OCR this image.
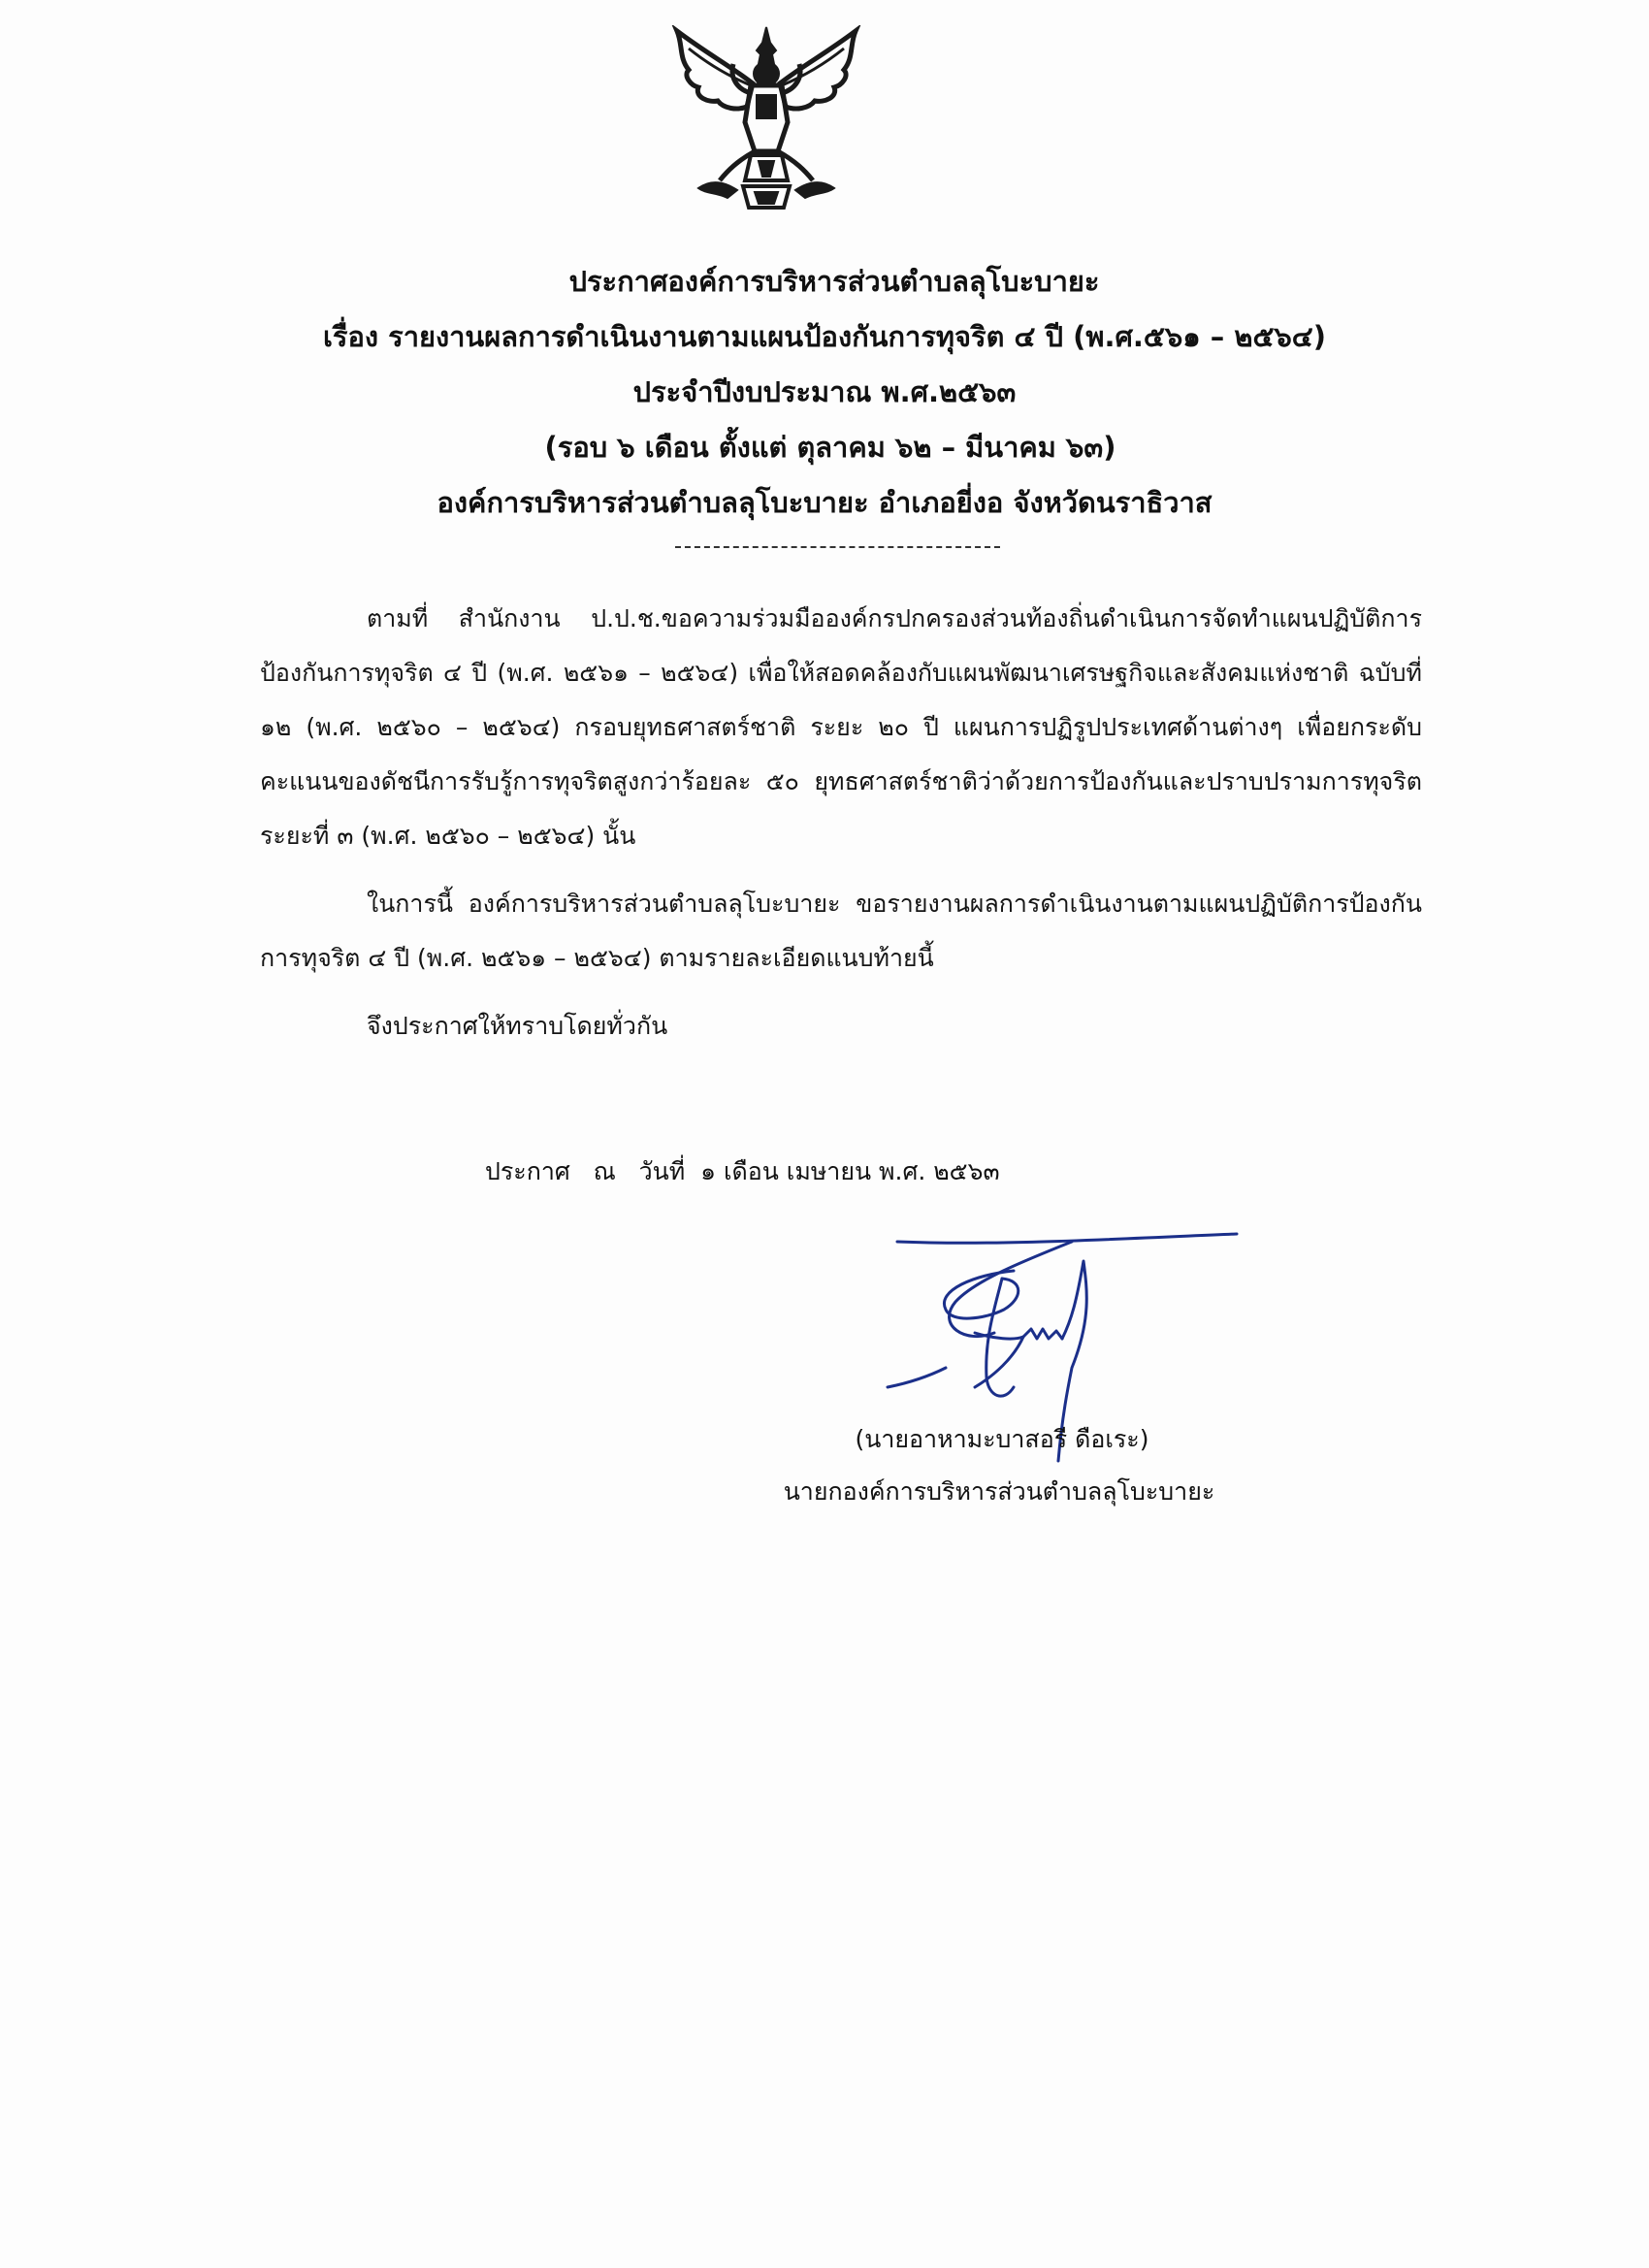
ประกาศองค์การบริหารส่วนตำบลลุโบะบายะ
เรื่อง รายงานผลการดำเนินงานตามแผนป้องกันการทุจริต ๔ ปี (พ.ศ.๕๖๑ – ๒๕๖๔)
ประจำปีงบประมาณ พ.ศ.๒๕๖๓
(รอบ ๖ เดือน ตั้งแต่ ตุลาคม ๖๒ – มีนาคม ๖๓)
องค์การบริหารส่วนตำบลลุโบะบายะ อำเภอยี่งอ จังหวัดนราธิวาส

ตามที่ สำนักงาน ป.ป.ช.ขอความร่วมมือองค์กรปกครองส่วนท้องถิ่นดำเนินการจัดทำแผนปฏิบัติการป้องกันการทุจริต ๔ ปี (พ.ศ. ๒๕๖๑ – ๒๕๖๔) เพื่อให้สอดคล้องกับแผนพัฒนาเศรษฐกิจและสังคมแห่งชาติ ฉบับที่ ๑๒ (พ.ศ. ๒๕๖๐ – ๒๕๖๔) กรอบยุทธศาสตร์ชาติ ระยะ ๒๐ ปี แผนการปฏิรูปประเทศด้านต่างๆ เพื่อยกระดับคะแนนของดัชนีการรับรู้การทุจริตสูงกว่าร้อยละ ๕๐ ยุทธศาสตร์ชาติว่าด้วยการป้องกันและปราบปรามการทุจริต ระยะที่ ๓ (พ.ศ. ๒๕๖๐ – ๒๕๖๔) นั้น

ในการนี้ องค์การบริหารส่วนตำบลลุโบะบายะ ขอรายงานผลการดำเนินงานตามแผนปฏิบัติการป้องกันการทุจริต ๔ ปี (พ.ศ. ๒๕๖๑ – ๒๕๖๔) ตามรายละเอียดแนบท้ายนี้

จึงประกาศให้ทราบโดยทั่วกัน

ประกาศ   ณ   วันที่  ๑ เดือน เมษายน พ.ศ. ๒๕๖๓
(นายอาหามะบาสอรี ดือเระ)
นายกองค์การบริหารส่วนตำบลลุโบะบายะ
